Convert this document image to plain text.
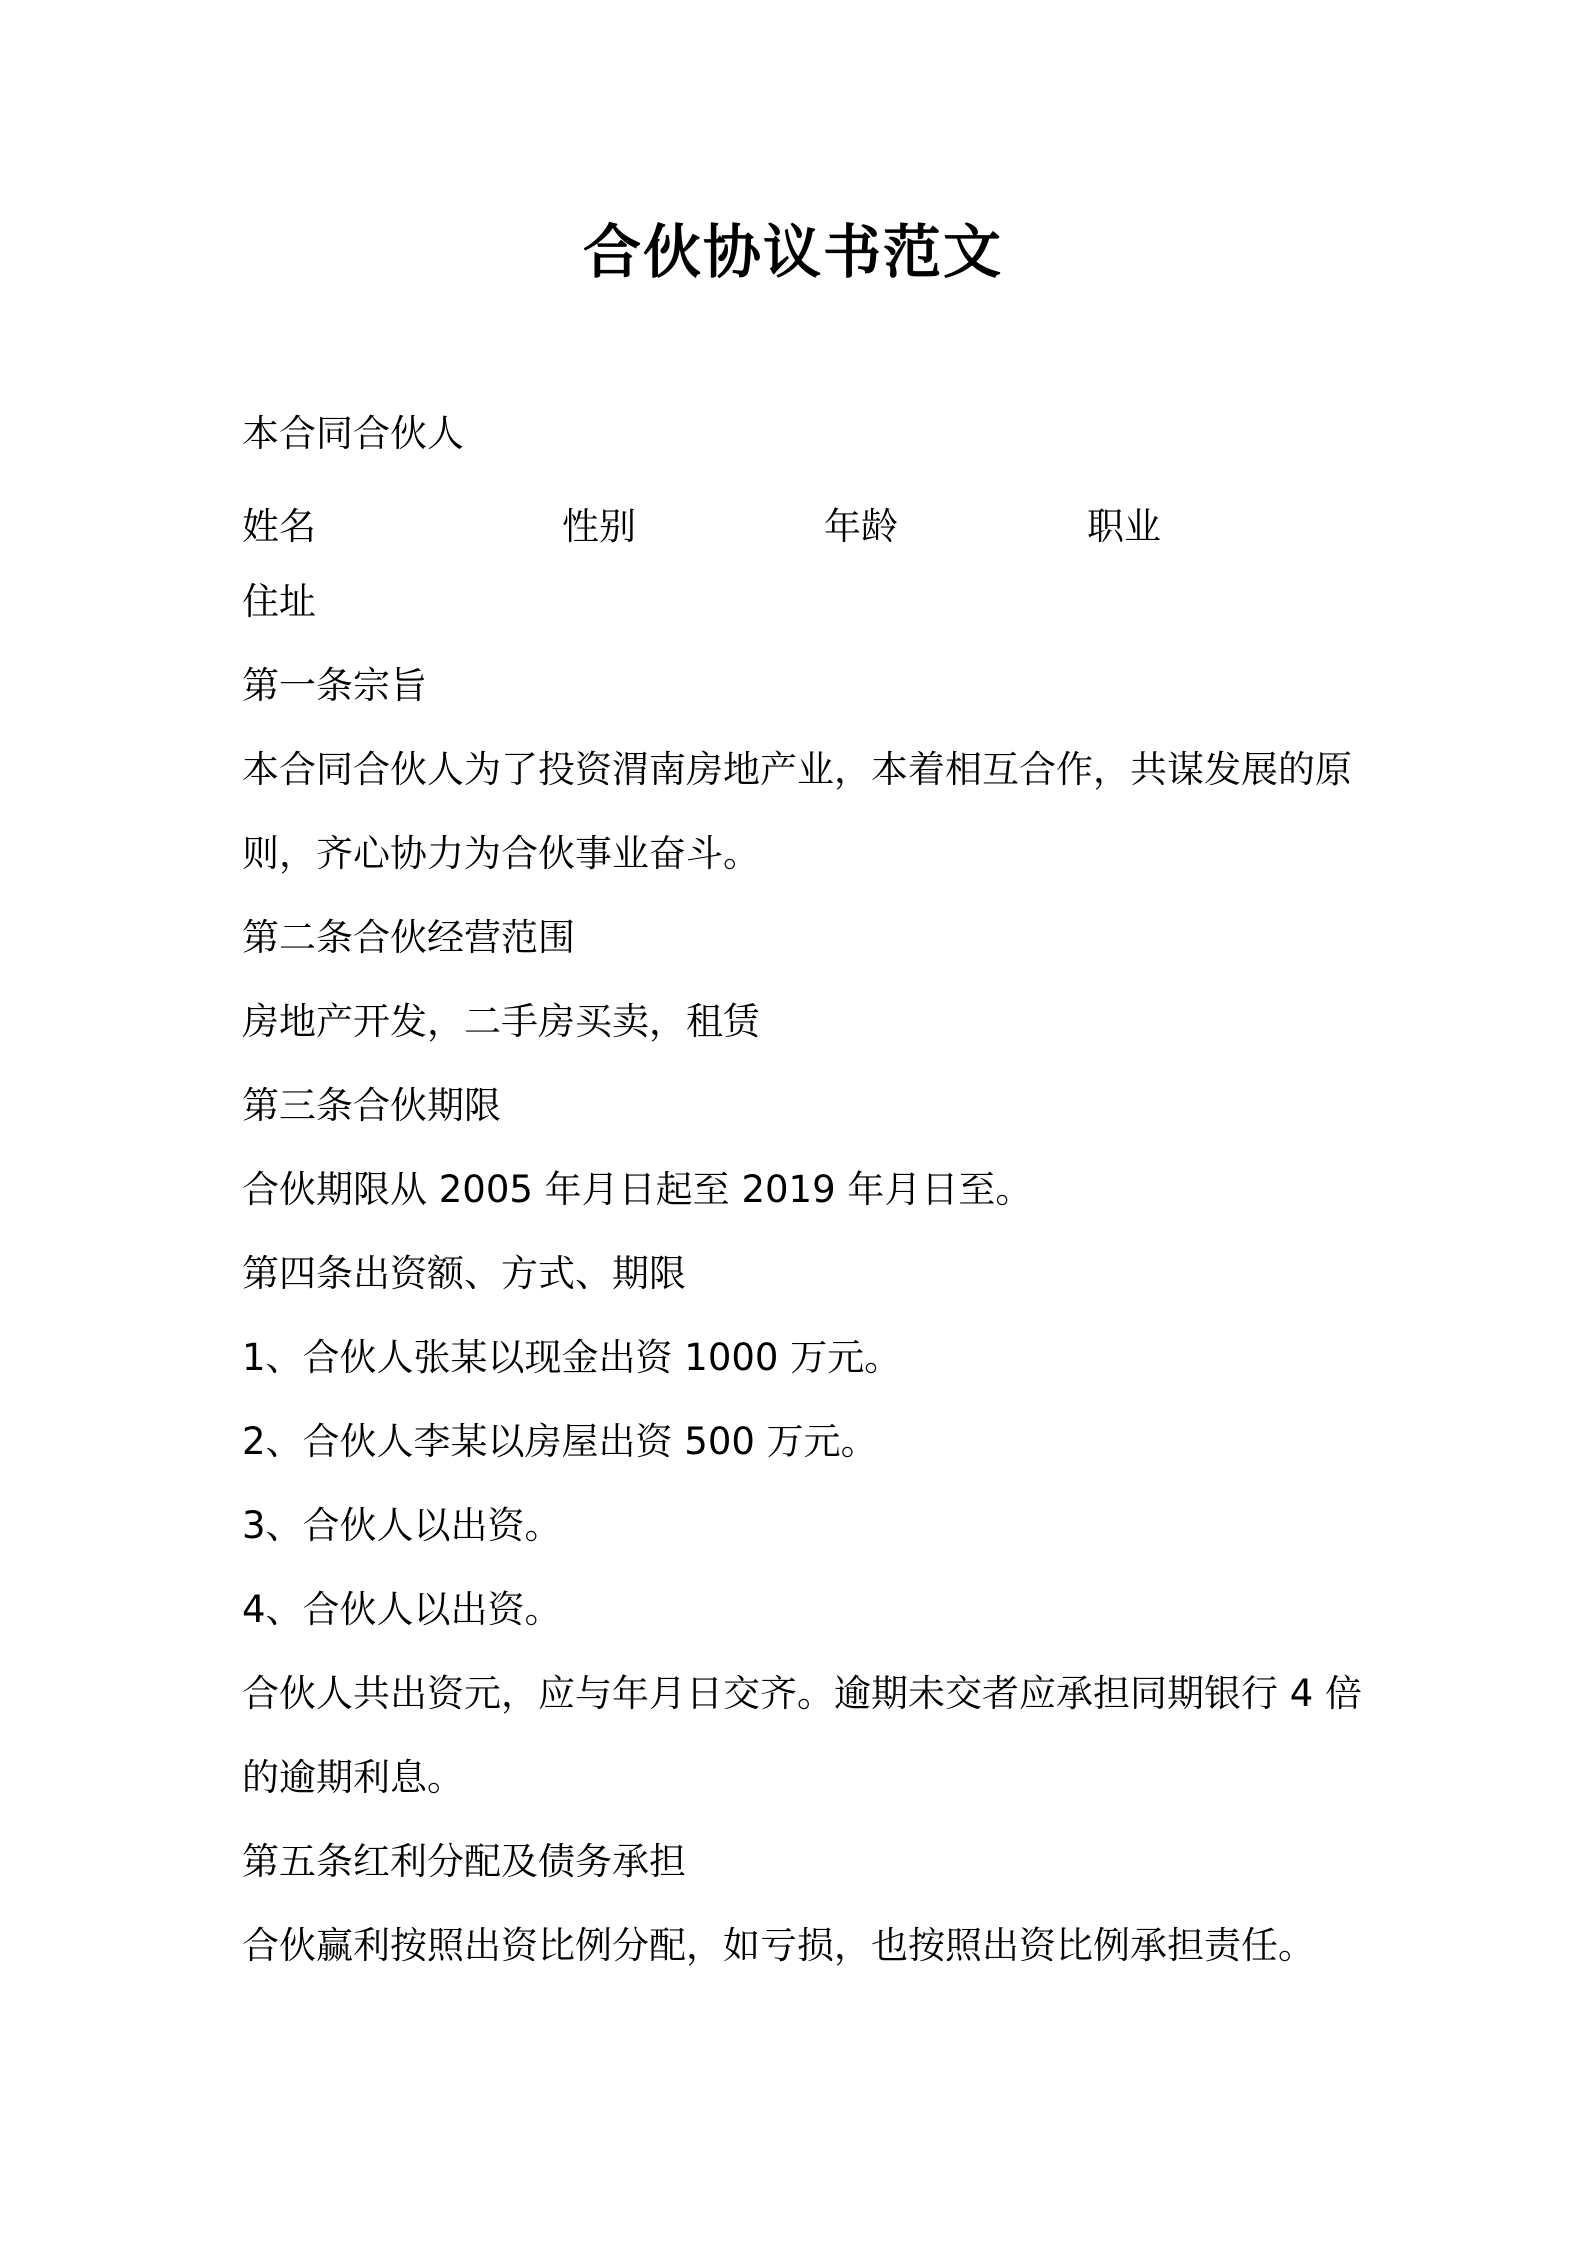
合伙协议书范文
本合同合伙人
姓名	性别	年龄	职业
住址
第一条宗旨
本合同合伙人为了投资渭南房地产业，本着相互合作，共谋发展的原
则，齐心协力为合伙事业奋斗。
第二条合伙经营范围
房地产开发，二手房买卖，租赁
第三条合伙期限
合伙期限从 2005 年月日起至 2019 年月日至。
第四条出资额、方式、期限
1、合伙人张某以现金出资 1000 万元。
2、合伙人李某以房屋出资 500 万元。
3、合伙人以出资。
4、合伙人以出资。
合伙人共出资元，应与年月日交齐。逾期未交者应承担同期银行 4 倍
的逾期利息。
第五条红利分配及债务承担
合伙赢利按照出资比例分配，如亏损，也按照出资比例承担责任。
